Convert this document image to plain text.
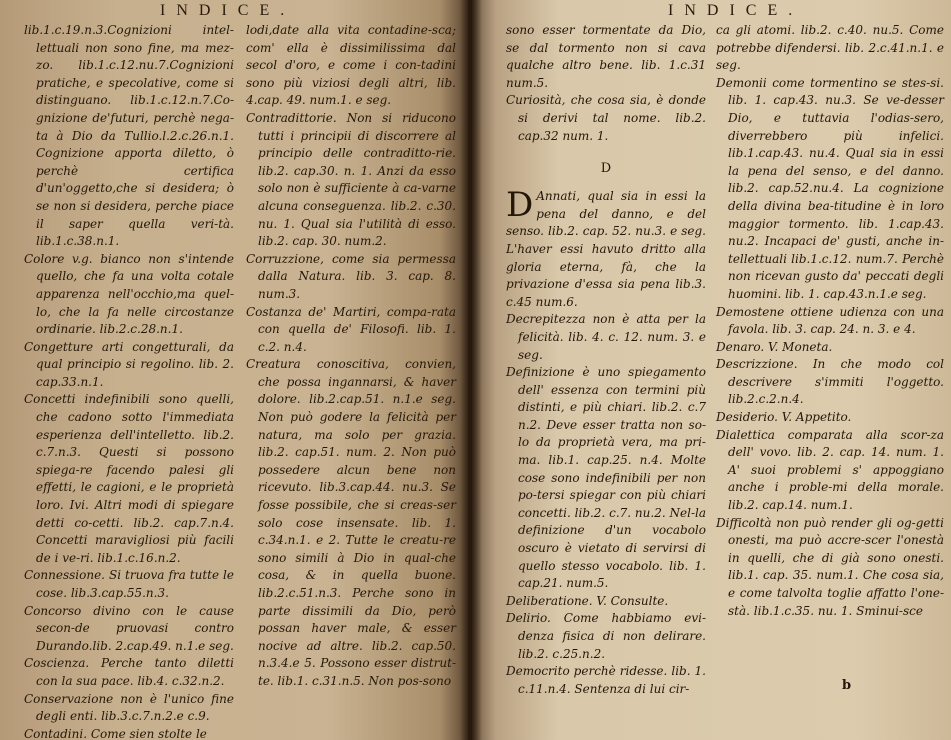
INDICE.

lib.1.c.19.n.3.Cognizioni intel-lettuali non sono fine, ma mez-zo. lib.1.c.12.nu.7.Cognizioni pratiche, e specolative, come si distinguano. lib.1.c.12.n.7.Co-gnizione de'futuri, perchè nega-ta à Dio da Tullio.l.2.c.26.n.1. Cognizione apporta diletto, ò perchè certifica d'un'oggetto,che si desidera; ò se non si desidera, perche piace il saper quella veri-tà. lib.1.c.38.n.1.

Colore v.g. bianco non s'intende quello, che fa una volta cotale apparenza nell'occhio,ma quel-lo, che la fa nelle circostanze ordinarie. lib.2.c.28.n.1.

Congetture arti congetturali, da qual principio si regolino. lib. 2. cap.33.n.1.

Concetti indefinibili sono quelli, che cadono sotto l'immediata esperienza dell'intelletto. lib.2. c.7.n.3. Questi si possono spiega-re facendo palesi gli effetti, le cagioni, e le proprietà loro. Ivi. Altri modi di spiegare detti co-cetti. lib.2. cap.7.n.4. Concetti maravigliosi più facili de i ve-ri. lib.1.c.16.n.2.

Connessione. Si truova fra tutte le cose. lib.3.cap.55.n.3.

Concorso divino con le cause secon-de pruovasi contro Durando.lib. 2.cap.49. n.1.e seg.

Coscienza. Perche tanto diletti con la sua pace. lib.4. c.32.n.2.

Conservazione non è l'unico fine degli enti. lib.3.c.7.n.2.e c.9.

Contadini. Come sien stolte le

lodi,date alla vita contadine-sca; com' ella è dissimilissima dal secol d'oro, e come i con-tadini sono più viziosi degli altri, lib. 4.cap. 49. num.1. e seg.

Contradittorie. Non si riducono tutti i principii di discorrere al principio delle contraditto-rie. lib.2. cap.30. n. 1. Anzi da esso solo non è sufficiente à ca-varne alcuna conseguenza. lib.2. c.30. nu. 1. Qual sia l'utilità di esso. lib.2. cap. 30. num.2.

Corruzzione, come sia permessa dalla Natura. lib. 3. cap. 8. num.3.

Costanza de' Martiri, compa-rata con quella de' Filosofi. lib. 1. c.2. n.4.

Creatura conoscitiva, convien, che possa ingannarsi, & haver dolore. lib.2.cap.51. n.1.e seg. Non può godere la felicità per natura, ma solo per grazia. lib.2. cap.51. num. 2. Non può possedere alcun bene non ricevuto. lib.3.cap.44. nu.3. Se fosse possibile, che si creas-ser solo cose insensate. lib. 1. c.34.n.1. e 2. Tutte le creatu-re sono simili à Dio in qual-che cosa, & in quella buone. lib.2.c.51.n.3. Perche sono in parte dissimili da Dio, però possan haver male, & esser nocive ad altre. lib.2. cap.50. n.3.4.e 5. Possono esser distrut-te. lib.1. c.31.n.5. Non pos-sono

INDICE.

sono esser tormentate da Dio, se dal tormento non si cava qualche altro bene. lib. 1.c.31 num.5.

Curiosità, che cosa sia, è donde si derivi tal nome. lib.2. cap.32 num. 1.

D

D Annati, qual sia in essi la pena del danno, e del senso. lib.2. cap. 52. nu.3. e seg. L'haver essi havuto dritto alla gloria eterna, fà, che la privazione d'essa sia pena lib.3. c.45 num.6.

Decrepitezza non è atta per la felicità. lib. 4. c. 12. num. 3. e seg.

Definizione è uno spiegamento dell' essenza con termini più distinti, e più chiari. lib.2. c.7 n.2. Deve esser tratta non so-lo da proprietà vera, ma pri-ma. lib.1. cap.25. n.4. Molte cose sono indefinibili per non po-tersi spiegar con più chiari concetti. lib.2. c.7. nu.2. Nel-la definizione d'un vocabolo oscuro è vietato di servirsi di quello stesso vocabolo. lib. 1. cap.21. num.5.

Deliberatione. V. Consulte.

Delirio. Come habbiamo evi-denza fisica di non delirare. lib.2. c.25.n.2.

Democrito perchè ridesse. lib. 1. c.11.n.4. Sentenza di lui cir-

ca gli atomi. lib.2. c.40. nu.5. Come potrebbe difendersi. lib. 2.c.41.n.1. e seg.

Demonii come tormentino se stes-si. lib. 1. cap.43. nu.3. Se ve-desser Dio, e tuttavia l'odias-sero, diverrebbero più infelici. lib.1.cap.43. nu.4. Qual sia in essi la pena del senso, e del danno. lib.2. cap.52.nu.4. La cognizione della divina bea-titudine è in loro maggior tormento. lib. 1.cap.43. nu.2. Incapaci de' gusti, anche in-tellettuali lib.1.c.12. num.7. Perchè non ricevan gusto da' peccati degli huomini. lib. 1. cap.43.n.1.e seg.

Demostene ottiene udienza con una favola. lib. 3. cap. 24. n. 3. e 4.

Denaro. V. Moneta.

Descrizzione. In che modo col descrivere s'immiti l'oggetto. lib.2.c.2.n.4.

Desiderio. V. Appetito.

Dialettica comparata alla scor-za dell' vovo. lib. 2. cap. 14. num. 1. A' suoi problemi s' appoggiano anche i proble-mi della morale. lib.2. cap.14. num.1.

Difficoltà non può render gli og-getti onesti, ma può accre-scer l'onestà in quelli, che di già sono onesti. lib.1. cap. 35. num.1. Che cosa sia, e come talvolta toglie affatto l'one-stà. lib.1.c.35. nu. 1. Sminui-sce

b
